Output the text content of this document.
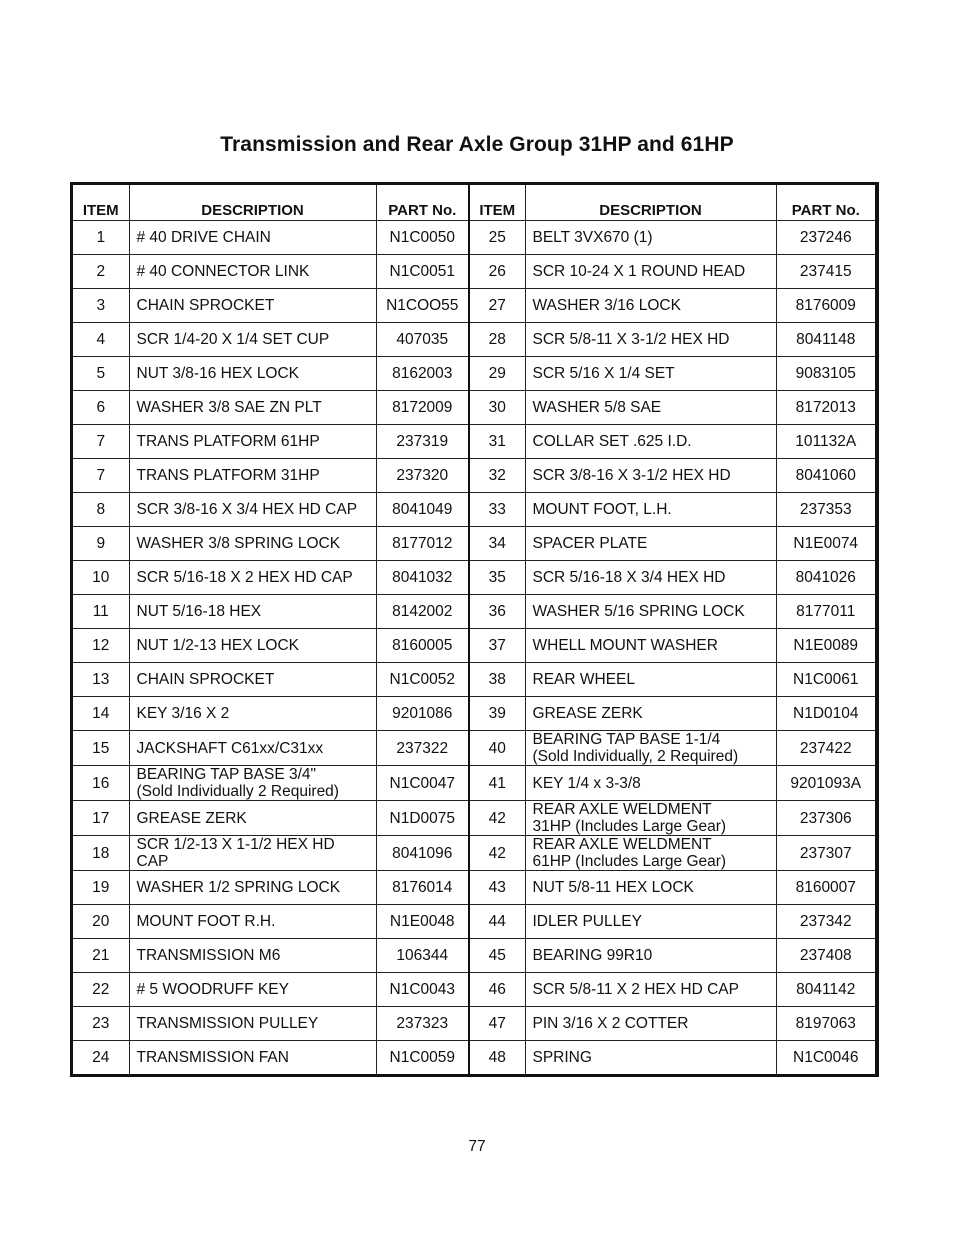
Transmission and Rear Axle Group 31HP and 61HP
ITEM	DESCRIPTION	PART No.	ITEM	DESCRIPTION	PART No.
1	# 40 DRIVE CHAIN	N1C0050	25	BELT 3VX670 (1)	237246
2	# 40 CONNECTOR LINK	N1C0051	26	SCR 10-24 X 1 ROUND HEAD	237415
3	CHAIN SPROCKET	N1COO55	27	WASHER 3/16 LOCK	8176009
4	SCR 1/4-20 X 1/4 SET CUP	407035	28	SCR 5/8-11 X 3-1/2 HEX HD	8041148
5	NUT 3/8-16 HEX LOCK	8162003	29	SCR 5/16 X 1/4 SET	9083105
6	WASHER 3/8 SAE ZN PLT	8172009	30	WASHER 5/8 SAE	8172013
7	TRANS PLATFORM 61HP	237319	31	COLLAR SET .625 I.D.	101132A
7	TRANS PLATFORM 31HP	237320	32	SCR 3/8-16 X 3-1/2 HEX HD	8041060
8	SCR 3/8-16 X 3/4 HEX HD CAP	8041049	33	MOUNT FOOT, L.H.	237353
9	WASHER 3/8 SPRING LOCK	8177012	34	SPACER PLATE	N1E0074
10	SCR 5/16-18 X 2 HEX HD CAP	8041032	35	SCR 5/16-18 X 3/4 HEX HD	8041026
11	NUT 5/16-18 HEX	8142002	36	WASHER 5/16 SPRING LOCK	8177011
12	NUT 1/2-13 HEX LOCK	8160005	37	WHELL MOUNT WASHER	N1E0089
13	CHAIN SPROCKET	N1C0052	38	REAR WHEEL	N1C0061
14	KEY 3/16 X 2	9201086	39	GREASE ZERK	N1D0104
15	JACKSHAFT C61xx/C31xx	237322	40	BEARING TAP BASE 1-1/4
(Sold Individually, 2 Required)	237422
16	BEARING TAP BASE 3/4"
(Sold Individually 2 Required)	N1C0047	41	KEY 1/4 x 3-3/8	9201093A
17	GREASE ZERK	N1D0075	42	REAR AXLE WELDMENT
31HP (Includes Large Gear)	237306
18	SCR 1/2-13 X 1-1/2 HEX HD
CAP	8041096	42	REAR AXLE WELDMENT
61HP (Includes Large Gear)	237307
19	WASHER 1/2 SPRING LOCK	8176014	43	NUT 5/8-11 HEX LOCK	8160007
20	MOUNT FOOT R.H.	N1E0048	44	IDLER PULLEY	237342
21	TRANSMISSION M6	106344	45	BEARING 99R10	237408
22	# 5 WOODRUFF KEY	N1C0043	46	SCR 5/8-11 X 2 HEX HD CAP	8041142
23	TRANSMISSION PULLEY	237323	47	PIN 3/16 X 2 COTTER	8197063
24	TRANSMISSION FAN	N1C0059	48	SPRING	N1C0046
77
